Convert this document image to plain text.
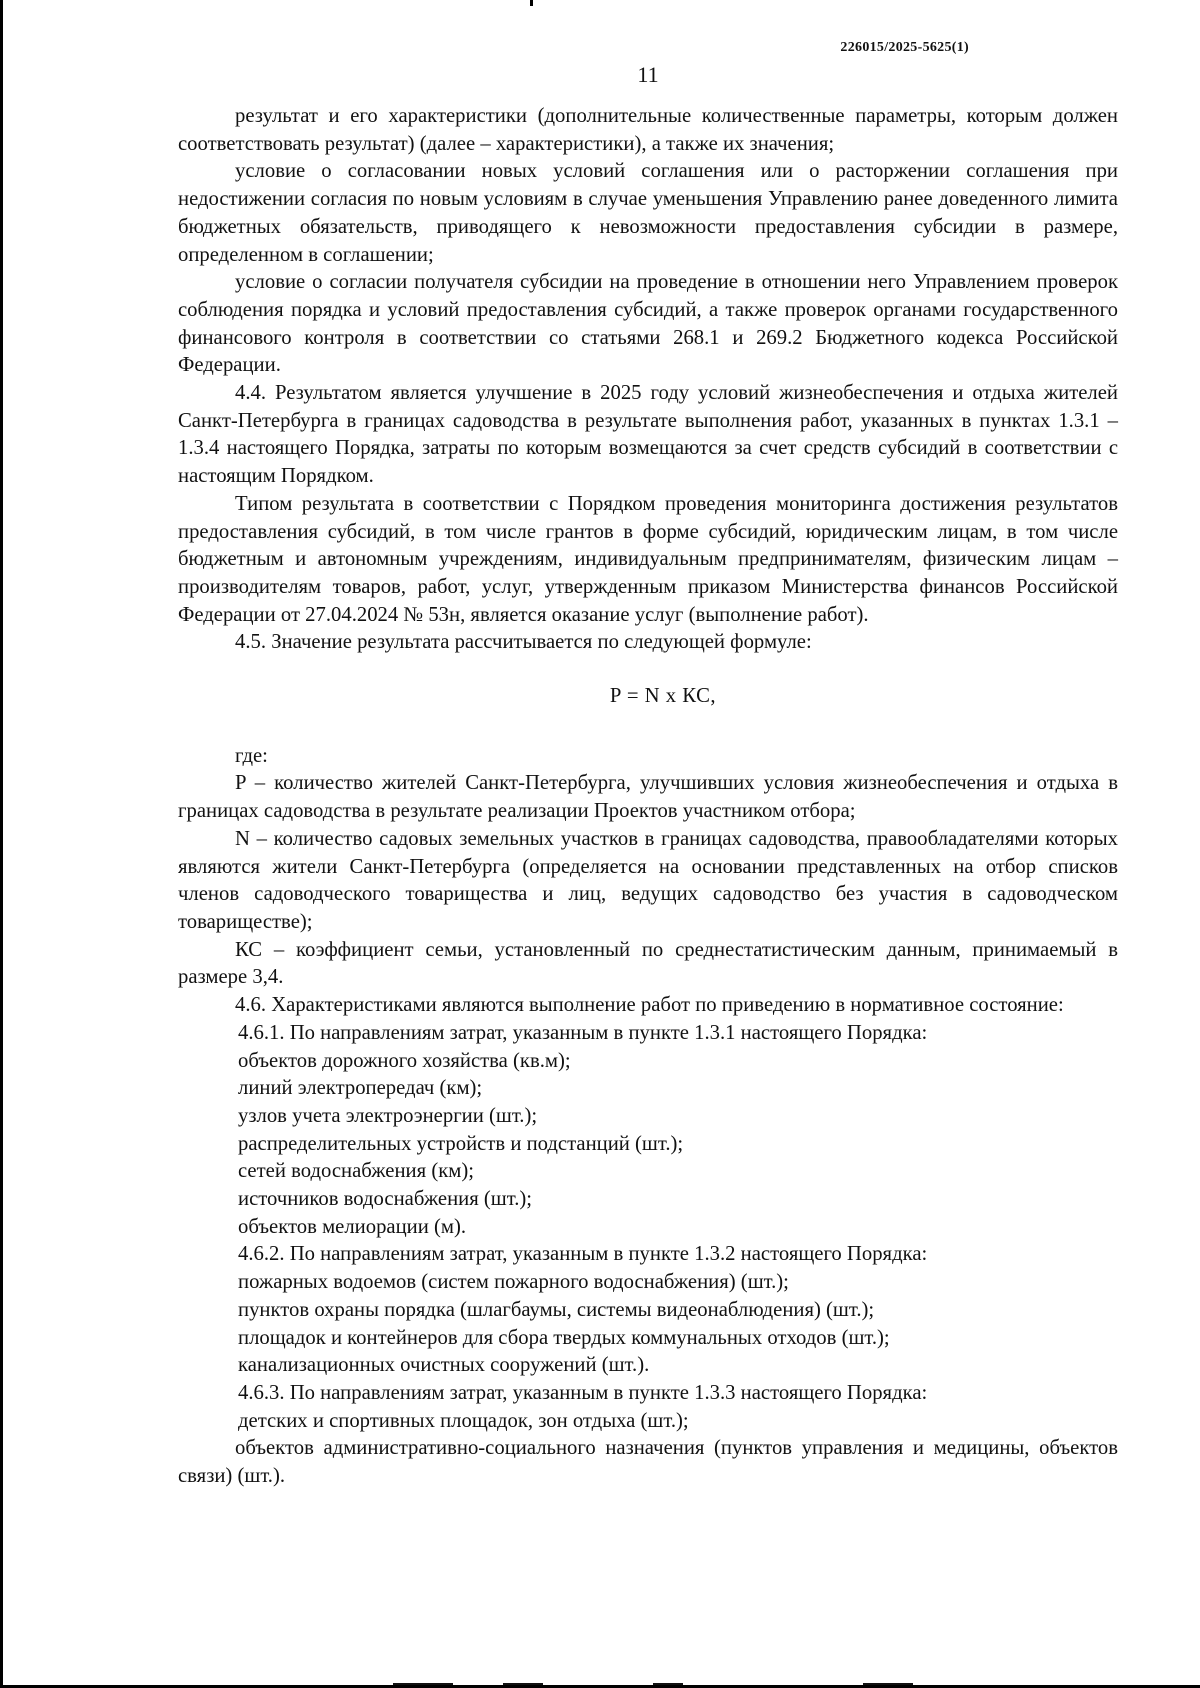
226015/2025-5625(1)
11

результат и его характеристики (дополнительные количественные параметры, которым должен соответствовать результат) (далее – характеристики), а также их значения;

условие о согласовании новых условий соглашения или о расторжении соглашения при недостижении согласия по новым условиям в случае уменьшения Управлению ранее доведенного лимита бюджетных обязательств, приводящего к невозможности предоставления субсидии в размере, определенном в соглашении;

условие о согласии получателя субсидии на проведение в отношении него Управлением проверок соблюдения порядка и условий предоставления субсидий, а также проверок органами государственного финансового контроля в соответствии со статьями 268.1 и 269.2 Бюджетного кодекса Российской Федерации.

4.4. Результатом является улучшение в 2025 году условий жизнеобеспечения и отдыха жителей Санкт-Петербурга в границах садоводства в результате выполнения работ, указанных в пунктах 1.3.1 – 1.3.4 настоящего Порядка, затраты по которым возмещаются за счет средств субсидий в соответствии с настоящим Порядком.

Типом результата в соответствии с Порядком проведения мониторинга достижения результатов предоставления субсидий, в том числе грантов в форме субсидий, юридическим лицам, в том числе бюджетным и автономным учреждениям, индивидуальным предпринимателям, физическим лицам – производителям товаров, работ, услуг, утвержденным приказом Министерства финансов Российской Федерации от 27.04.2024 № 53н, является оказание услуг (выполнение работ).

4.5. Значение результата рассчитывается по следующей формуле:

P = N x КС,

где:

P – количество жителей Санкт-Петербурга, улучшивших условия жизнеобеспечения и отдыха в границах садоводства в результате реализации Проектов участником отбора;

N – количество садовых земельных участков в границах садоводства, правообладателями которых являются жители Санкт-Петербурга (определяется на основании представленных на отбор списков членов садоводческого товарищества и лиц, ведущих садоводство без участия в садоводческом товариществе);

КС – коэффициент семьи, установленный по среднестатистическим данным, принимаемый в размере 3,4.

4.6. Характеристиками являются выполнение работ по приведению в нормативное состояние:

4.6.1. По направлениям затрат, указанным в пункте 1.3.1 настоящего Порядка:

объектов дорожного хозяйства (кв.м);

линий электропередач (км);

узлов учета электроэнергии (шт.);

распределительных устройств и подстанций (шт.);

сетей водоснабжения (км);

источников водоснабжения (шт.);

объектов мелиорации (м).

4.6.2. По направлениям затрат, указанным в пункте 1.3.2 настоящего Порядка:

пожарных водоемов (систем пожарного водоснабжения) (шт.);

пунктов охраны порядка (шлагбаумы, системы видеонаблюдения) (шт.);

площадок и контейнеров для сбора твердых коммунальных отходов (шт.);

канализационных очистных сооружений (шт.).

4.6.3. По направлениям затрат, указанным в пункте 1.3.3 настоящего Порядка:

детских и спортивных площадок, зон отдыха (шт.);

объектов административно-социального назначения (пунктов управления и медицины, объектов связи) (шт.).
